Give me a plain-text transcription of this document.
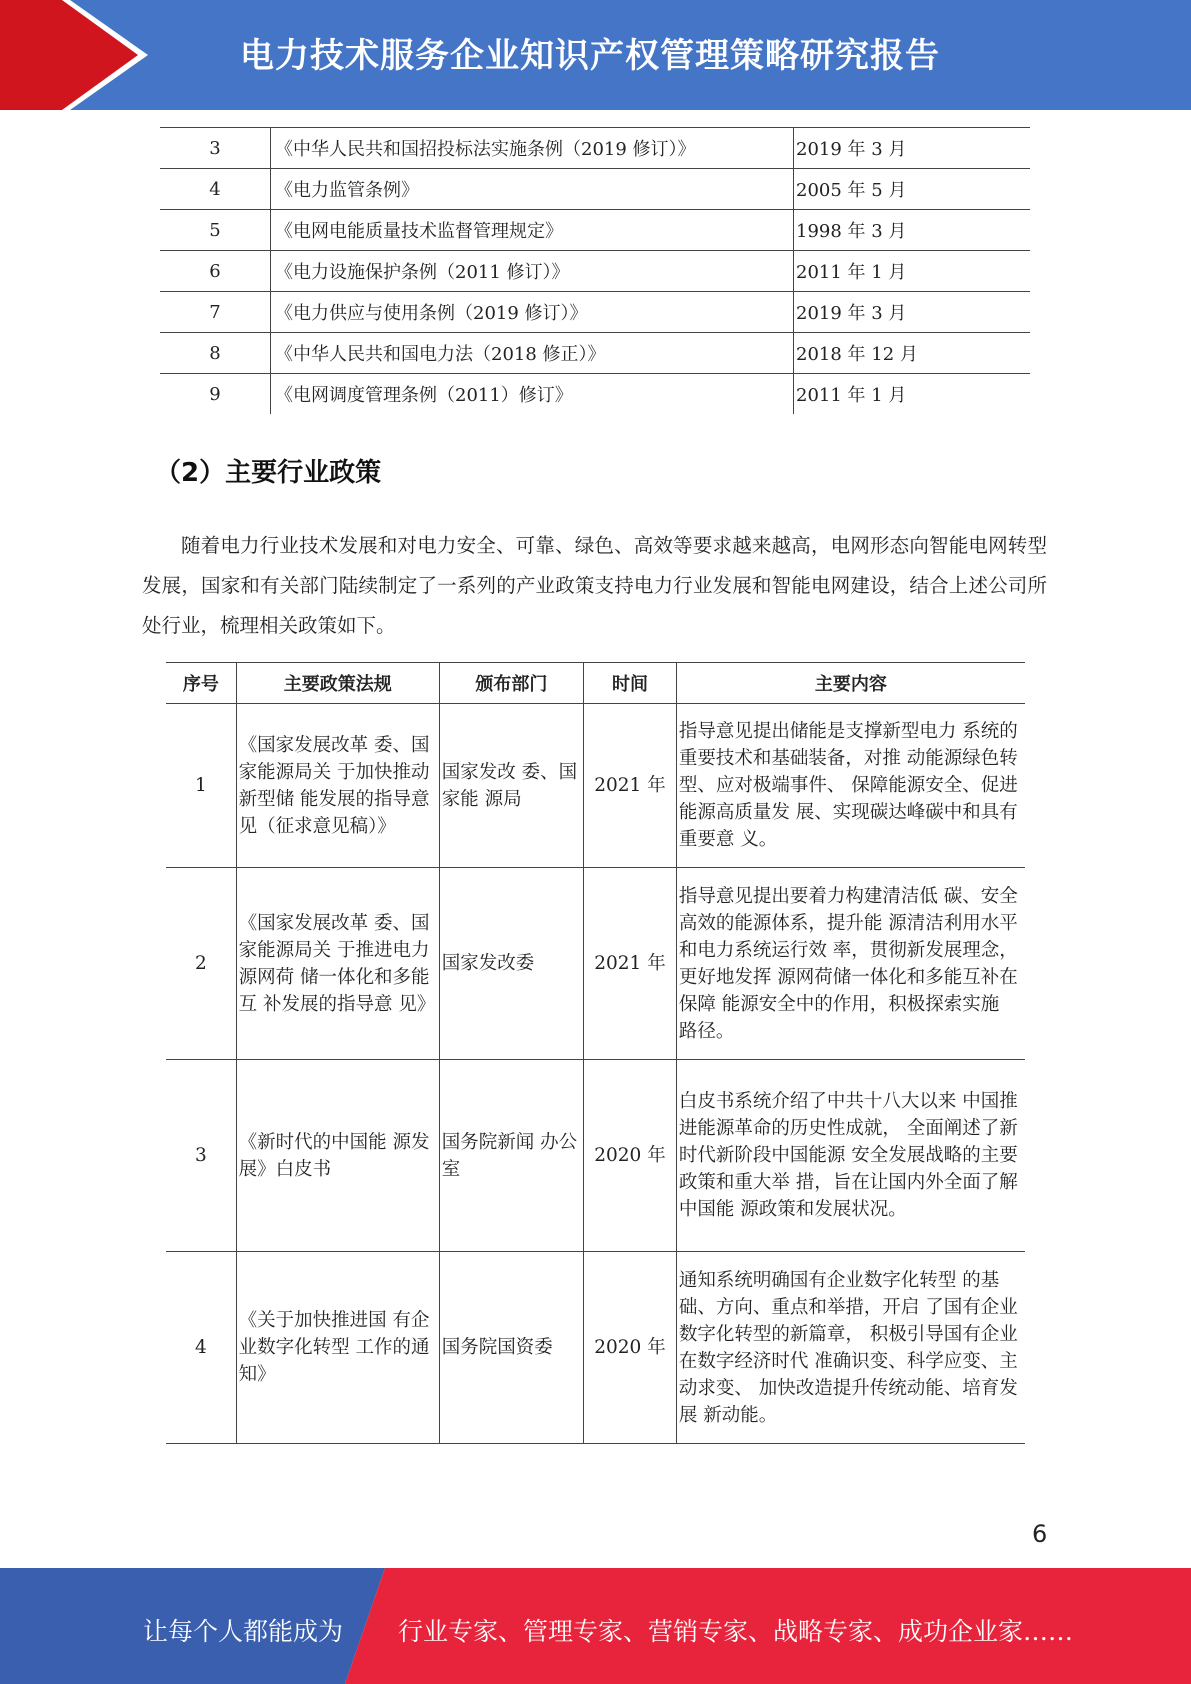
电力技术服务企业知识产权管理策略研究报告
3	《中华人民共和国招投标法实施条例（2019 修订）》	2019 年 3 月
4	《电力监管条例》	2005 年 5 月
5	《电网电能质量技术监督管理规定》	1998 年 3 月
6	《电力设施保护条例（2011 修订）》	2011 年 1 月
7	《电力供应与使用条例（2019 修订）》	2019 年 3 月
8	《中华人民共和国电力法（2018 修正）》	2018 年 12 月
9	《电网调度管理条例（2011）修订》	2011 年 1 月
（2）主要行业政策

随着电力行业技术发展和对电力安全、可靠、绿色、高效等要求越来越高，电网形态向智能电网转型发展，国家和有关部门陆续制定了一系列的产业政策支持电力行业发展和智能电网建设，结合上述公司所处行业，梳理相关政策如下。

序号	主要政策法规	颁布部门	时间	主要内容
1	《国家发展改革 委、国家能源局关 于加快推动新型储 能发展的指导意见（征求意见稿）》	国家发改 委、国家能 源局	2021 年	指导意见提出储能是支撑新型电力 系统的重要技术和基础装备，对推 动能源绿色转型、应对极端事件、 保障能源安全、促进能源高质量发 展、实现碳达峰碳中和具有重要意 义。
2	《国家发展改革 委、国家能源局关 于推进电力源网荷 储一体化和多能互 补发展的指导意 见》	国家发改委	2021 年	指导意见提出要着力构建清洁低 碳、安全高效的能源体系，提升能 源清洁利用水平和电力系统运行效 率，贯彻新发展理念，更好地发挥 源网荷储一体化和多能互补在保障 能源安全中的作用，积极探索实施 路径。
3	《新时代的中国能 源发展》白皮书	国务院新闻 办公室	2020 年	白皮书系统介绍了中共十八大以来 中国推进能源革命的历史性成就， 全面阐述了新时代新阶段中国能源 安全发展战略的主要政策和重大举 措，旨在让国内外全面了解中国能 源政策和发展状况。
4	《关于加快推进国 有企业数字化转型 工作的通知》	国务院国资委	2020 年	通知系统明确国有企业数字化转型 的基础、方向、重点和举措，开启 了国有企业数字化转型的新篇章， 积极引导国有企业在数字经济时代 准确识变、科学应变、主动求变、 加快改造提升传统动能、培育发展 新动能。
6
让每个人都能成为 行业专家、管理专家、营销专家、战略专家、成功企业家……
